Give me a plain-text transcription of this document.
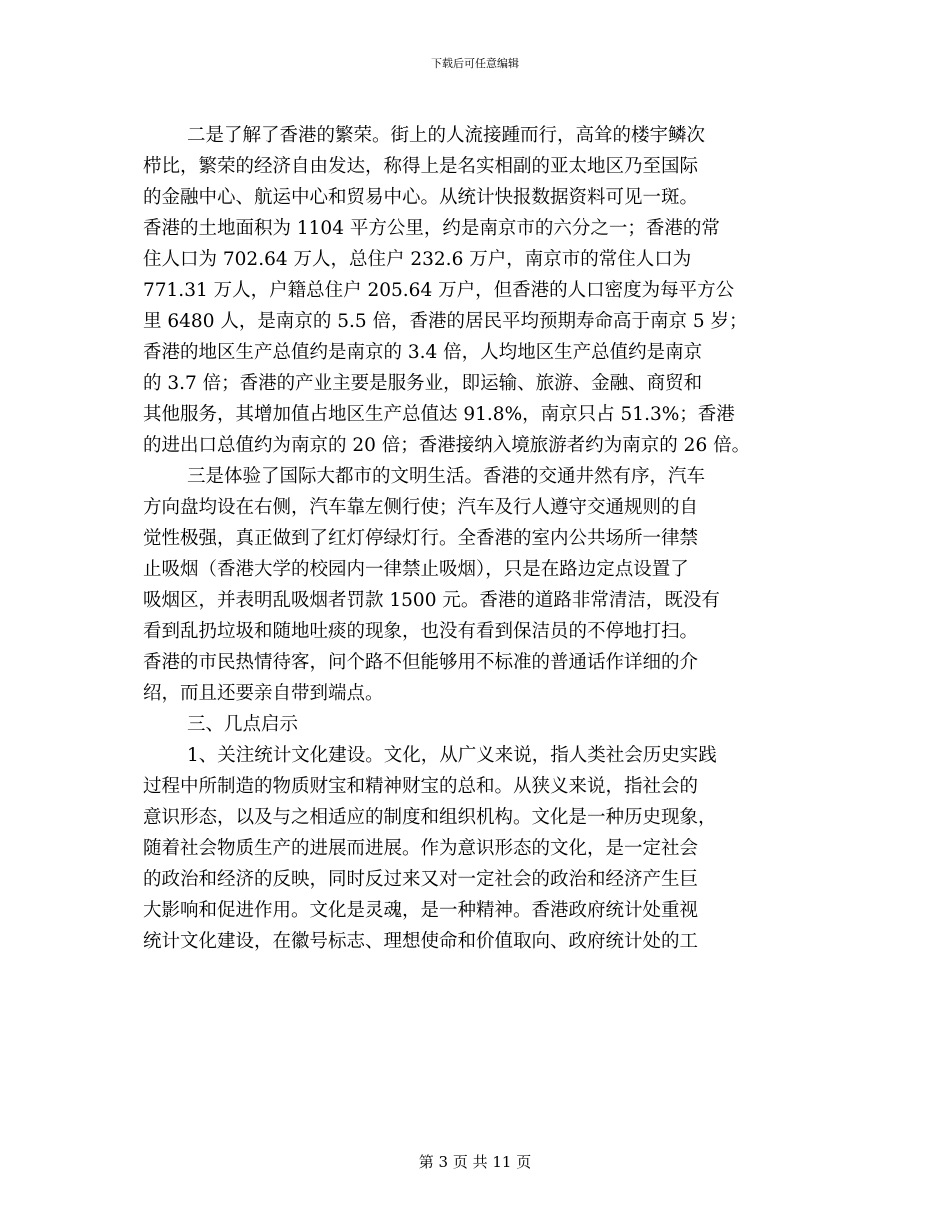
下载后可任意编辑
二是了解了香港的繁荣。街上的人流接踵而行，高耸的楼宇鳞次
栉比，繁荣的经济自由发达，称得上是名实相副的亚太地区乃至国际
的金融中心、航运中心和贸易中心。从统计快报数据资料可见一斑。
香港的土地面积为 1104 平方公里，约是南京市的六分之一；香港的常
住人口为 702.64 万人，总住户 232.6 万户，南京市的常住人口为
771.31 万人，户籍总住户 205.64 万户，但香港的人口密度为每平方公
里 6480 人，是南京的 5.5 倍，香港的居民平均预期寿命高于南京 5 岁；
香港的地区生产总值约是南京的 3.4 倍，人均地区生产总值约是南京
的 3.7 倍；香港的产业主要是服务业，即运输、旅游、金融、商贸和
其他服务，其增加值占地区生产总值达 91.8%，南京只占 51.3%；香港
的进出口总值约为南京的 20 倍；香港接纳入境旅游者约为南京的 26 倍。
三是体验了国际大都市的文明生活。香港的交通井然有序，汽车
方向盘均设在右侧，汽车靠左侧行使；汽车及行人遵守交通规则的自
觉性极强，真正做到了红灯停绿灯行。全香港的室内公共场所一律禁
止吸烟（香港大学的校园内一律禁止吸烟），只是在路边定点设置了
吸烟区，并表明乱吸烟者罚款 1500 元。香港的道路非常清洁，既没有
看到乱扔垃圾和随地吐痰的现象，也没有看到保洁员的不停地打扫。
香港的市民热情待客，问个路不但能够用不标准的普通话作详细的介
绍，而且还要亲自带到端点。
三、几点启示
1、关注统计文化建设。文化，从广义来说，指人类社会历史实践
过程中所制造的物质财宝和精神财宝的总和。从狭义来说，指社会的
意识形态，以及与之相适应的制度和组织机构。文化是一种历史现象，
随着社会物质生产的进展而进展。作为意识形态的文化，是一定社会
的政治和经济的反映，同时反过来又对一定社会的政治和经济产生巨
大影响和促进作用。文化是灵魂，是一种精神。香港政府统计处重视
统计文化建设，在徽号标志、理想使命和价值取向、政府统计处的工
第 3 页 共 11 页
